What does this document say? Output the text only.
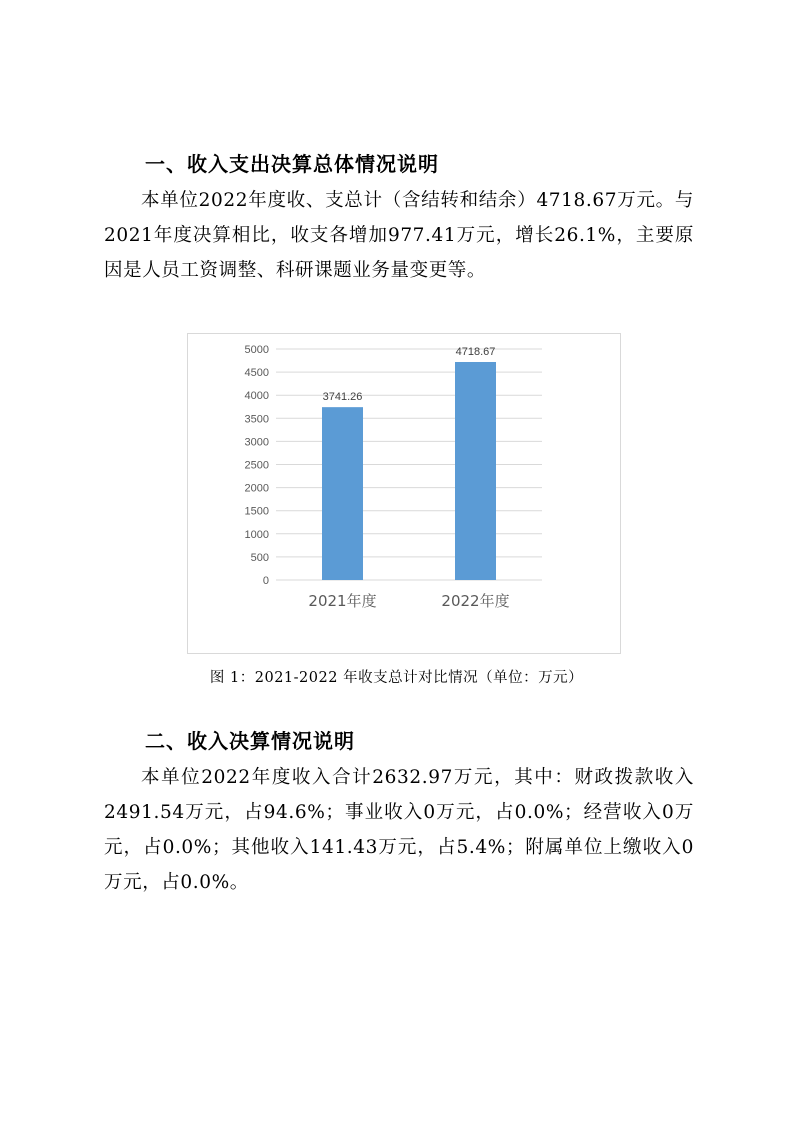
一、收入支出决算总体情况说明

本单位2022年度收、支总计（含结转和结余）4718.67万元。与2021年度决算相比，收支各增加977.41万元，增长26.1%，主要原因是人员工资调整、科研课题业务量变更等。

0
500
1000
1500
2000
2500
3000
3500
4000
4500
5000
3741.26
2021年度
4718.67
2022年度
图 1：2021-2022 年收支总计对比情况（单位：万元）
二、收入决算情况说明

本单位2022年度收入合计2632.97万元，其中：财政拨款收入2491.54万元，占94.6%；事业收入0万元，占0.0%；经营收入0万元，占0.0%；其他收入141.43万元，占5.4%；附属单位上缴收入0万元，占0.0%。
